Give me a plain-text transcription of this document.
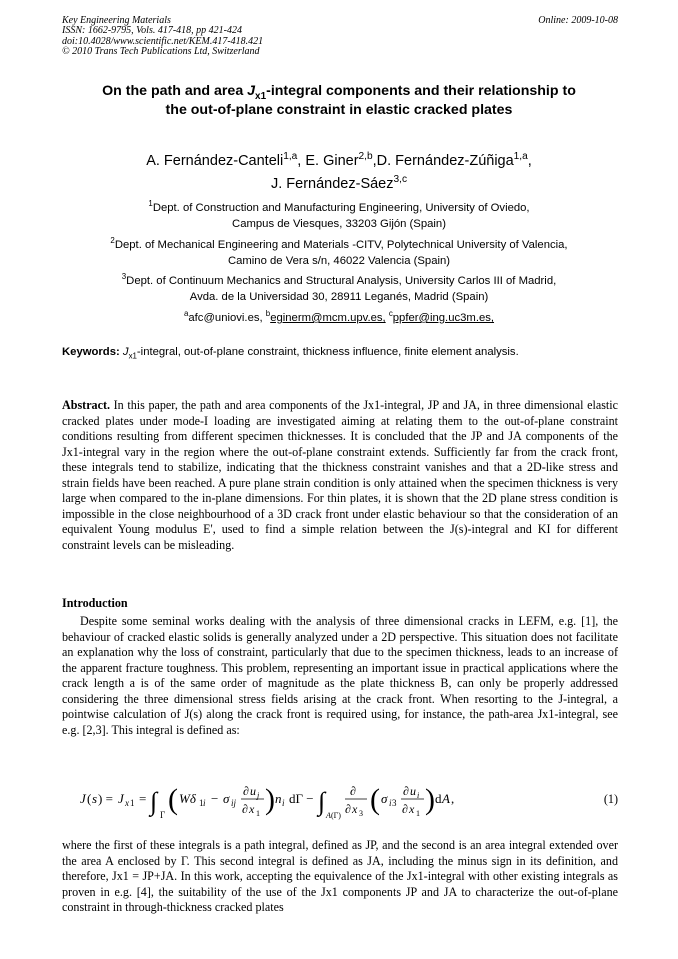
Key Engineering Materials
ISSN: 1662-9795, Vols. 417-418, pp 421-424
doi:10.4028/www.scientific.net/KEM.417-418.421
© 2010 Trans Tech Publications Ltd, Switzerland
Online: 2009-10-08
On the path and area $J_{x1}$-integral components and their relationship to
the out-of-plane constraint in elastic cracked plates
A. Fernández-Canteli$^{1,a}$, E. Giner$^{2,b}$,D. Fernández-Zúñiga$^{1,a}$,
J. Fernández-Sáez$^{3,c}$
$^1$Dept. of Construction and Manufacturing Engineering, University of Oviedo,
Campus de Viesques, 33203 Gijón (Spain)
$^2$Dept. of Mechanical Engineering and Materials -CITV, Polytechnical University of Valencia,
Camino de Vera s/n, 46022 Valencia (Spain)
$^3$Dept. of Continuum Mechanics and Structural Analysis, University Carlos III of Madrid,
Avda. de la Universidad 30, 28911 Leganés, Madrid (Spain)
$^a$afc@uniovi.es, $^b$eginerm@mcm.upv.es, $^c$ppfer@ing.uc3m.es,
Keywords: $J_{x1}$-integral, out-of-plane constraint, thickness influence, finite element analysis.
Abstract. In this paper, the path and area components of the Jx1-integral, JP and JA, in three dimensional elastic cracked plates under mode-I loading are investigated aiming at relating them to the out-of-plane constraint conditions resulting from different specimen thicknesses. It is concluded that the JP and JA components of the Jx1-integral vary in the region where the out-of-plane constraint extends. Sufficiently far from the crack front, these integrals tend to stabilize, indicating that the thickness constraint vanishes and that a 2D-like stress and strain fields have been reached. A pure plane strain condition is only attained when the specimen thickness is very large when compared to the in-plane dimensions. For thin plates, it is shown that the 2D plane stress condition is impossible in the close neighbourhood of a 3D crack front under elastic behaviour so that the consideration of an equivalent Young modulus E', used to find a simple relation between the J(s)-integral and KI for different constraint levels can be misleading.
Introduction
Despite some seminal works dealing with the analysis of three dimensional cracks in LEFM, e.g. [1], the behaviour of cracked elastic solids is generally analyzed under a 2D perspective. This situation does not facilitate an explanation why the loss of constraint, particularly that due to the specimen thickness, leads to an increase of the apparent fracture toughness. This problem, representing an important issue in practical applications where the crack length a is of the same order of magnitude as the plate thickness B, can only be properly addressed considering the three dimensional stress fields arising at the crack front. When resorting to the J-integral, a pointwise calculation of J(s) along the crack front is required using, for instance, the path-area Jx1-integral, see e.g. [2,3]. This integral is defined as:
J ( s ) = J x 1 = ∫ Γ ( Wδ 1 i − σ ij
∂ u j
∂ x 1 ) n i dΓ − ∫ A (Γ)
∂
∂ x 3 ( σ i 3
∂ u i
∂ x 1 ) d A ,	(1)
where the first of these integrals is a path integral, defined as JP, and the second is an area integral extended over the area A enclosed by Γ. This second integral is defined as JA, including the minus sign in its definition, and therefore, Jx1 = JP+JA. In this work, accepting the equivalence of the Jx1-integral with other existing integrals as proven in e.g. [4], the suitability of the use of the Jx1 components JP and JA to characterize the out-of-plane constraint in through-thickness cracked plates
